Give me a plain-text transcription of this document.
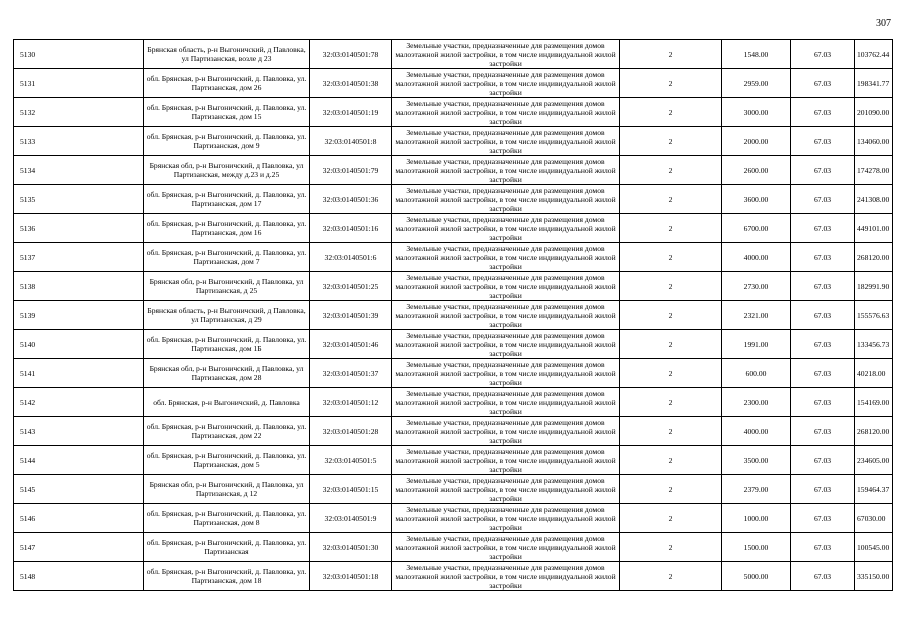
307
5130	Брянская область, р-н Выгоничский, д Павловка, ул Партизанская, возле д 23	32:03:0140501:78	Земельные участки, предназначенные для размещения домов малоэтажной жилой застройки, в том числе индивидуальной жилой застройки	2	1548.00	67.03	103762.44
5131	обл. Брянская, р-н Выгоничский, д. Павловка, ул. Партизанская, дом 26	32:03:0140501:38	Земельные участки, предназначенные для размещения домов малоэтажной жилой застройки, в том числе индивидуальной жилой застройки	2	2959.00	67.03	198341.77
5132	обл. Брянская, р-н Выгоничский, д. Павловка, ул. Партизанская, дом 15	32:03:0140501:19	Земельные участки, предназначенные для размещения домов малоэтажной жилой застройки, в том числе индивидуальной жилой застройки	2	3000.00	67.03	201090.00
5133	обл. Брянская, р-н Выгоничский, д. Павловка, ул. Партизанская, дом 9	32:03:0140501:8	Земельные участки, предназначенные для размещения домов малоэтажной жилой застройки, в том числе индивидуальной жилой застройки	2	2000.00	67.03	134060.00
5134	Брянская обл, р-н Выгоничский, д Павловка, ул Партизанская, между д.23 и д.25	32:03:0140501:79	Земельные участки, предназначенные для размещения домов малоэтажной жилой застройки, в том числе индивидуальной жилой застройки	2	2600.00	67.03	174278.00
5135	обл. Брянская, р-н Выгоничский, д. Павловка, ул. Партизанская, дом 17	32:03:0140501:36	Земельные участки, предназначенные для размещения домов малоэтажной жилой застройки, в том числе индивидуальной жилой застройки	2	3600.00	67.03	241308.00
5136	обл. Брянская, р-н Выгоничский, д. Павловка, ул. Партизанская, дом 16	32:03:0140501:16	Земельные участки, предназначенные для размещения домов малоэтажной жилой застройки, в том числе индивидуальной жилой застройки	2	6700.00	67.03	449101.00
5137	обл. Брянская, р-н Выгоничский, д. Павловка, ул. Партизанская, дом 7	32:03:0140501:6	Земельные участки, предназначенные для размещения домов малоэтажной жилой застройки, в том числе индивидуальной жилой застройки	2	4000.00	67.03	268120.00
5138	Брянская обл, р-н Выгоничский, д Павловка, ул Партизанская, д 25	32:03:0140501:25	Земельные участки, предназначенные для размещения домов малоэтажной жилой застройки, в том числе индивидуальной жилой застройки	2	2730.00	67.03	182991.90
5139	Брянская область, р-н Выгоничский, д Павловка, ул Партизанская, д 29	32:03:0140501:39	Земельные участки, предназначенные для размещения домов малоэтажной жилой застройки, в том числе индивидуальной жилой застройки	2	2321.00	67.03	155576.63
5140	обл. Брянская, р-н Выгоничский, д. Павловка, ул. Партизанская, дом 1Б	32:03:0140501:46	Земельные участки, предназначенные для размещения домов малоэтажной жилой застройки, в том числе индивидуальной жилой застройки	2	1991.00	67.03	133456.73
5141	Брянская обл, р-н Выгоничский, д Павловка, ул Партизанская, дом 28	32:03:0140501:37	Земельные участки, предназначенные для размещения домов малоэтажной жилой застройки, в том числе индивидуальной жилой застройки	2	600.00	67.03	40218.00
5142	обл. Брянская, р-н Выгоничский, д. Павловка	32:03:0140501:12	Земельные участки, предназначенные для размещения домов малоэтажной жилой застройки, в том числе индивидуальной жилой застройки	2	2300.00	67.03	154169.00
5143	обл. Брянская, р-н Выгоничский, д. Павловка, ул. Партизанская, дом 22	32:03:0140501:28	Земельные участки, предназначенные для размещения домов малоэтажной жилой застройки, в том числе индивидуальной жилой застройки	2	4000.00	67.03	268120.00
5144	обл. Брянская, р-н Выгоничский, д. Павловка, ул. Партизанская, дом 5	32:03:0140501:5	Земельные участки, предназначенные для размещения домов малоэтажной жилой застройки, в том числе индивидуальной жилой застройки	2	3500.00	67.03	234605.00
5145	Брянская обл, р-н Выгоничский, д Павловка, ул Партизанская, д 12	32:03:0140501:15	Земельные участки, предназначенные для размещения домов малоэтажной жилой застройки, в том числе индивидуальной жилой застройки	2	2379.00	67.03	159464.37
5146	обл. Брянская, р-н Выгоничский, д. Павловка, ул. Партизанская, дом 8	32:03:0140501:9	Земельные участки, предназначенные для размещения домов малоэтажной жилой застройки, в том числе индивидуальной жилой застройки	2	1000.00	67.03	67030.00
5147	обл. Брянская, р-н Выгоничский, д. Павловка, ул. Партизанская	32:03:0140501:30	Земельные участки, предназначенные для размещения домов малоэтажной жилой застройки, в том числе индивидуальной жилой застройки	2	1500.00	67.03	100545.00
5148	обл. Брянская, р-н Выгоничский, д. Павловка, ул. Партизанская, дом 18	32:03:0140501:18	Земельные участки, предназначенные для размещения домов малоэтажной жилой застройки, в том числе индивидуальной жилой застройки	2	5000.00	67.03	335150.00
